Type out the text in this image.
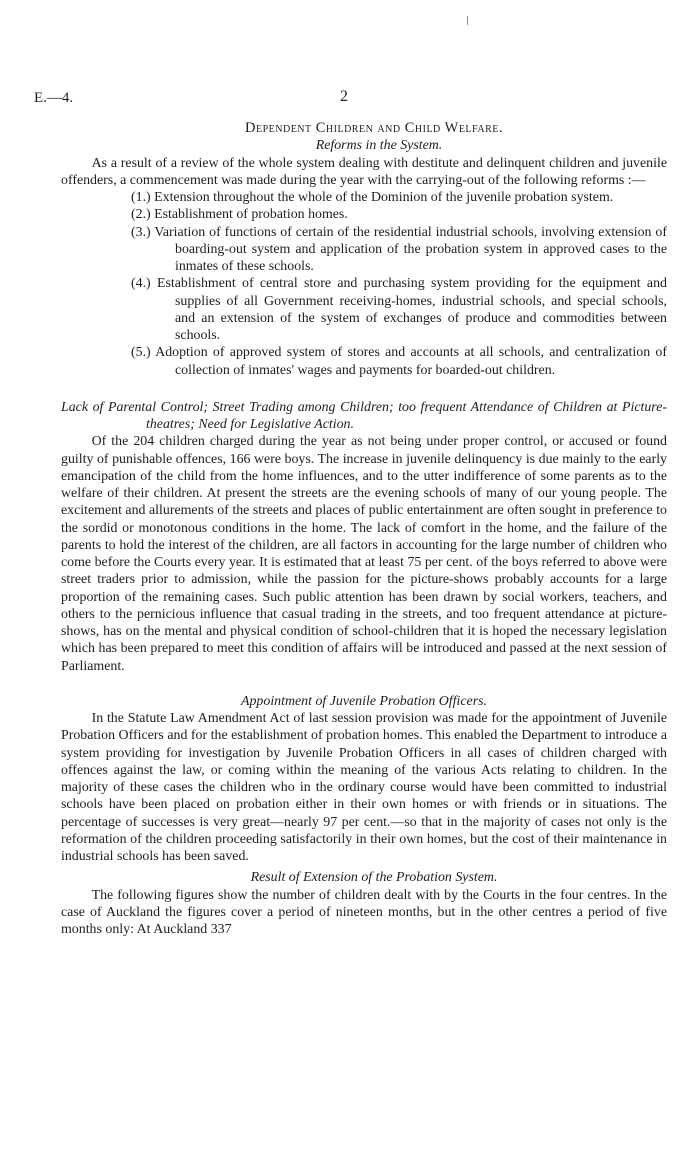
E.—4.	2
Dependent Children and Child Welfare.
Reforms in the System.

As a result of a review of the whole system dealing with destitute and delinquent children and juvenile offenders, a commencement was made during the year with the carrying-out of the following reforms :—

(1.) Extension throughout the whole of the Dominion of the juvenile probation system.
(2.) Establishment of probation homes.
(3.) Variation of functions of certain of the residential industrial schools, involving extension of boarding-out system and application of the probation system in approved cases to the inmates of these schools.
(4.) Establishment of central store and purchasing system providing for the equipment and supplies of all Government receiving-homes, industrial schools, and special schools, and an extension of the system of exchanges of produce and commodities between schools.
(5.) Adoption of approved system of stores and accounts at all schools, and centralization of collection of inmates' wages and payments for boarded-out children.
Lack of Parental Control; Street Trading among Children; too frequent Attendance of Children at Picture-theatres; Need for Legislative Action.

Of the 204 children charged during the year as not being under proper control, or accused or found guilty of punishable offences, 166 were boys. The increase in juvenile delinquency is due mainly to the early emancipation of the child from the home influences, and to the utter indifference of some parents as to the welfare of their children. At present the streets are the evening schools of many of our young people. The excitement and allurements of the streets and places of public entertainment are often sought in preference to the sordid or monotonous conditions in the home. The lack of comfort in the home, and the failure of the parents to hold the interest of the children, are all factors in accounting for the large number of children who come before the Courts every year. It is estimated that at least 75 per cent. of the boys referred to above were street traders prior to admission, while the passion for the picture-shows probably accounts for a large proportion of the remaining cases. Such public attention has been drawn by social workers, teachers, and others to the pernicious influence that casual trading in the streets, and too frequent attendance at picture-shows, has on the mental and physical condition of school-children that it is hoped the necessary legislation which has been prepared to meet this condition of affairs will be introduced and passed at the next session of Parliament.

Appointment of Juvenile Probation Officers.

In the Statute Law Amendment Act of last session provision was made for the appointment of Juvenile Probation Officers and for the establishment of probation homes. This enabled the Department to introduce a system providing for investigation by Juvenile Probation Officers in all cases of children charged with offences against the law, or coming within the meaning of the various Acts relating to children. In the majority of these cases the children who in the ordinary course would have been committed to industrial schools have been placed on probation either in their own homes or with friends or in situations. The percentage of successes is very great—nearly 97 per cent.—so that in the majority of cases not only is the reformation of the children proceeding satisfactorily in their own homes, but the cost of their maintenance in industrial schools has been saved.

Result of Extension of the Probation System.

The following figures show the number of children dealt with by the Courts in the four centres. In the case of Auckland the figures cover a period of nineteen months, but in the other centres a period of five months only: At Auckland 337
